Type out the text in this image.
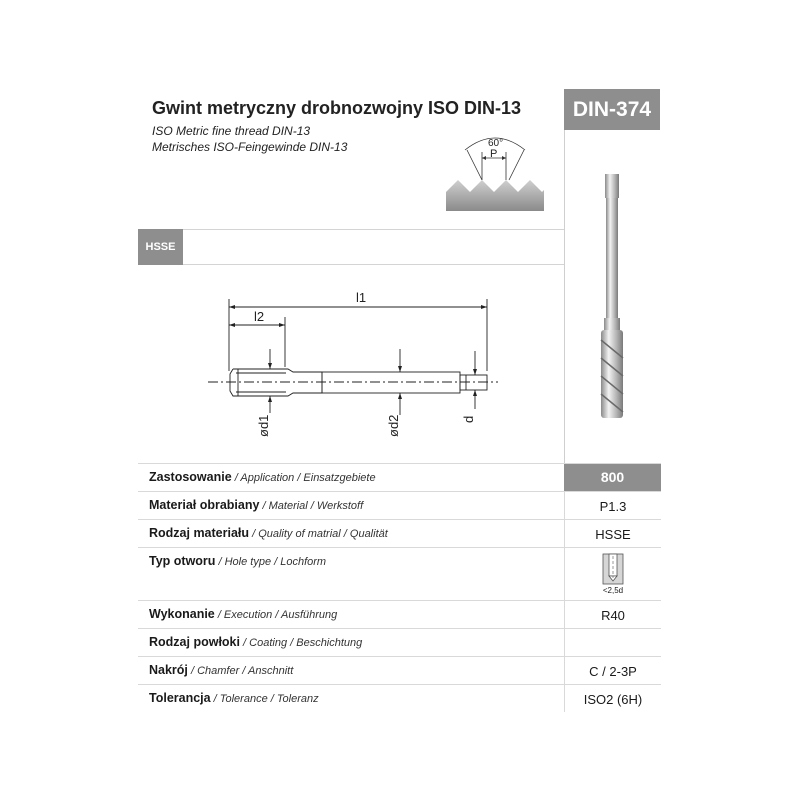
Gwint metryczny drobnozwojny ISO DIN-13
ISO Metric fine thread DIN-13
Metrisches ISO-Feingewinde DIN-13
DIN-374
60°
P
HSSE
l1
l2
ød1	ød2	d
Zastosowanie / Application / Einsatzgebiete	800
Materiał obrabiany / Material / Werkstoff	P1.3
Rodzaj materiału / Quality of matrial / Qualität	HSSE
Typ otworu / Hole type / Lochform
<2,5d
Wykonanie / Execution / Ausführung	R40
Rodzaj powłoki / Coating / Beschichtung
Nakrój / Chamfer / Anschnitt	C / 2-3P
Tolerancja / Tolerance / Toleranz	ISO2 (6H)
